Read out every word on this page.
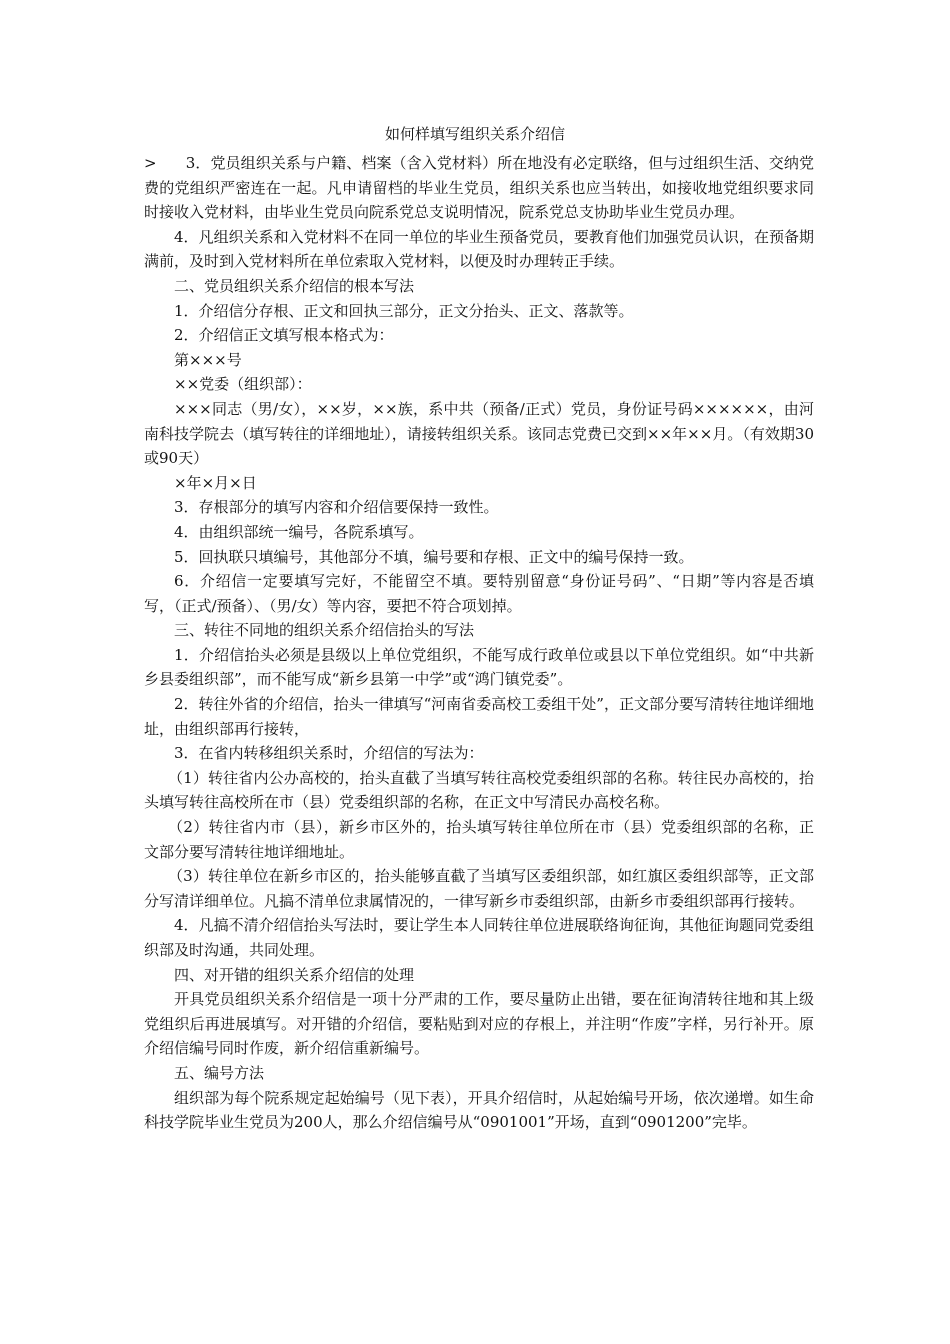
如何样填写组织关系介绍信

> 3．党员组织关系与户籍、档案（含入党材料）所在地没有必定联络，但与过组织生活、交纳党费的党组织严密连在一起。凡申请留档的毕业生党员，组织关系也应当转出，如接收地党组织要求同时接收入党材料，由毕业生党员向院系党总支说明情况，院系党总支协助毕业生党员办理。

4．凡组织关系和入党材料不在同一单位的毕业生预备党员，要教育他们加强党员认识，在预备期满前，及时到入党材料所在单位索取入党材料，以便及时办理转正手续。

二、党员组织关系介绍信的根本写法

1．介绍信分存根、正文和回执三部分，正文分抬头、正文、落款等。

2．介绍信正文填写根本格式为：

第×××号

××党委（组织部）：

×××同志（男/女），××岁，××族，系中共（预备/正式）党员，身份证号码××××××，由河南科技学院去（填写转往的详细地址），请接转组织关系。该同志党费已交到××年××月。（有效期30或90天）

×年×月×日

3．存根部分的填写内容和介绍信要保持一致性。

4．由组织部统一编号，各院系填写。

5．回执联只填编号，其他部分不填，编号要和存根、正文中的编号保持一致。

6．介绍信一定要填写完好，不能留空不填。要特别留意“身份证号码”、“日期”等内容是否填写，（正式/预备）、（男/女）等内容，要把不符合项划掉。

三、转往不同地的组织关系介绍信抬头的写法

1．介绍信抬头必须是县级以上单位党组织，不能写成行政单位或县以下单位党组织。如“中共新乡县委组织部”，而不能写成“新乡县第一中学”或“鸿门镇党委”。

2．转往外省的介绍信，抬头一律填写“河南省委高校工委组干处”，正文部分要写清转往地详细地址，由组织部再行接转，

3．在省内转移组织关系时，介绍信的写法为：

（1）转往省内公办高校的，抬头直截了当填写转往高校党委组织部的名称。转往民办高校的，抬头填写转往高校所在市（县）党委组织部的名称，在正文中写清民办高校名称。

（2）转往省内市（县），新乡市区外的，抬头填写转往单位所在市（县）党委组织部的名称，正文部分要写清转往地详细地址。

（3）转往单位在新乡市区的，抬头能够直截了当填写区委组织部，如红旗区委组织部等，正文部分写清详细单位。凡搞不清单位隶属情况的，一律写新乡市委组织部，由新乡市委组织部再行接转。

4．凡搞不清介绍信抬头写法时，要让学生本人同转往单位进展联络询征询，其他征询题同党委组织部及时沟通，共同处理。

四、对开错的组织关系介绍信的处理

开具党员组织关系介绍信是一项十分严肃的工作，要尽量防止出错，要在征询清转往地和其上级党组织后再进展填写。对开错的介绍信，要粘贴到对应的存根上，并注明“作废”字样，另行补开。原介绍信编号同时作废，新介绍信重新编号。

五、编号方法

组织部为每个院系规定起始编号（见下表），开具介绍信时，从起始编号开场，依次递增。如生命科技学院毕业生党员为200人，那么介绍信编号从“0901001”开场，直到“0901200”完毕。
